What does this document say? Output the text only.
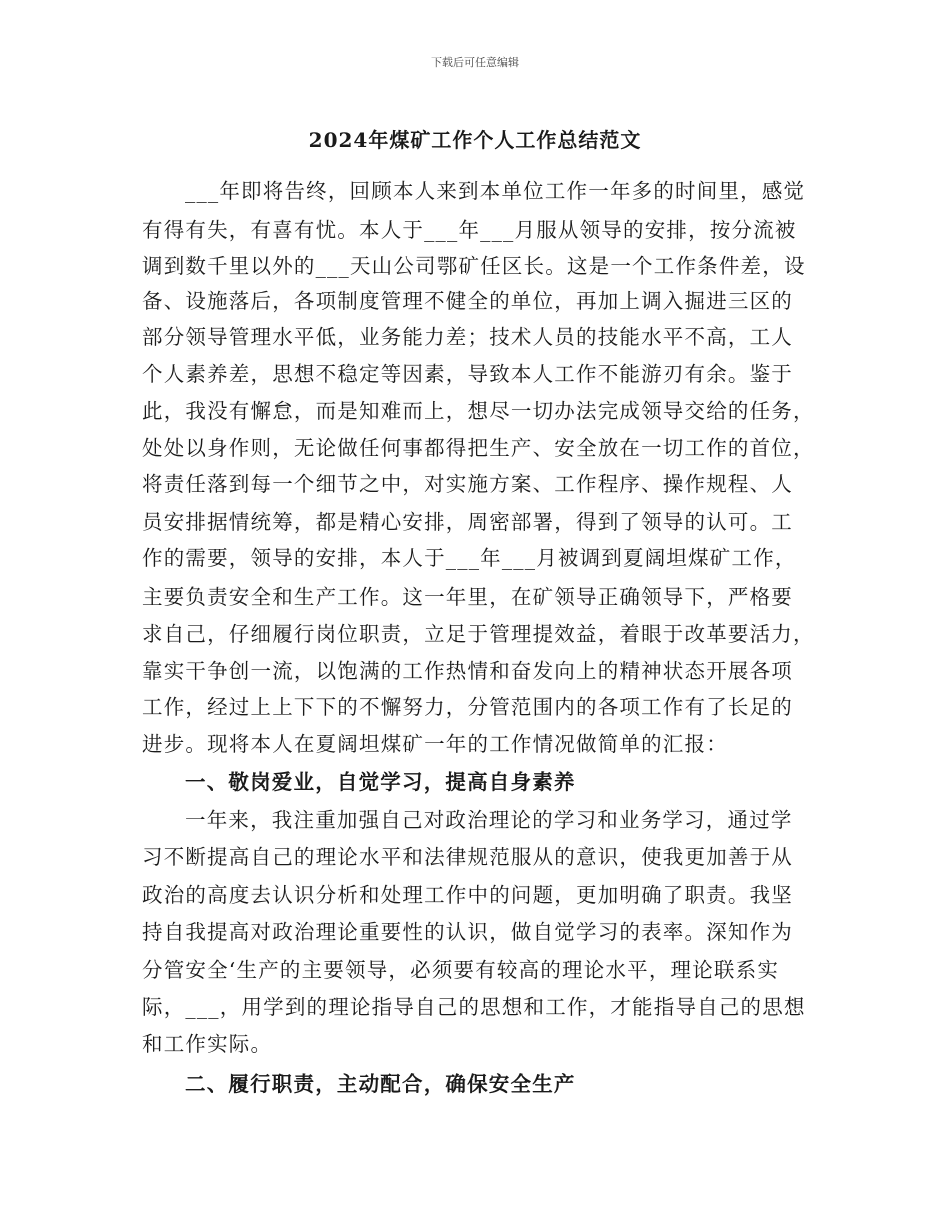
下载后可任意编辑
2024年煤矿工作个人工作总结范文
___年即将告终，回顾本人来到本单位工作一年多的时间里，感觉
有得有失，有喜有忧。本人于___年___月服从领导的安排，按分流被
调到数千里以外的___天山公司鄂矿任区长。这是一个工作条件差，设
备、设施落后，各项制度管理不健全的单位，再加上调入掘进三区的
部分领导管理水平低，业务能力差；技术人员的技能水平不高，工人
个人素养差，思想不稳定等因素，导致本人工作不能游刃有余。鉴于
此，我没有懈怠，而是知难而上，想尽一切办法完成领导交给的任务，
处处以身作则，无论做任何事都得把生产、安全放在一切工作的首位，
将责任落到每一个细节之中，对实施方案、工作程序、操作规程、人
员安排据情统筹，都是精心安排，周密部署，得到了领导的认可。工
作的需要，领导的安排，本人于___年___月被调到夏阔坦煤矿工作，
主要负责安全和生产工作。这一年里，在矿领导正确领导下，严格要
求自己，仔细履行岗位职责，立足于管理提效益，着眼于改革要活力，
靠实干争创一流，以饱满的工作热情和奋发向上的精神状态开展各项
工作，经过上上下下的不懈努力，分管范围内的各项工作有了长足的
进步。现将本人在夏阔坦煤矿一年的工作情况做简单的汇报：
一、敬岗爱业，自觉学习，提高自身素养
一年来，我注重加强自己对政治理论的学习和业务学习，通过学
习不断提高自己的理论水平和法律规范服从的意识，使我更加善于从
政治的高度去认识分析和处理工作中的问题，更加明确了职责。我坚
持自我提高对政治理论重要性的认识，做自觉学习的表率。深知作为
分管安全‘生产的主要领导，必须要有较高的理论水平，理论联系实
际，___，用学到的理论指导自己的思想和工作，才能指导自己的思想
和工作实际。
二、履行职责，主动配合，确保安全生产
